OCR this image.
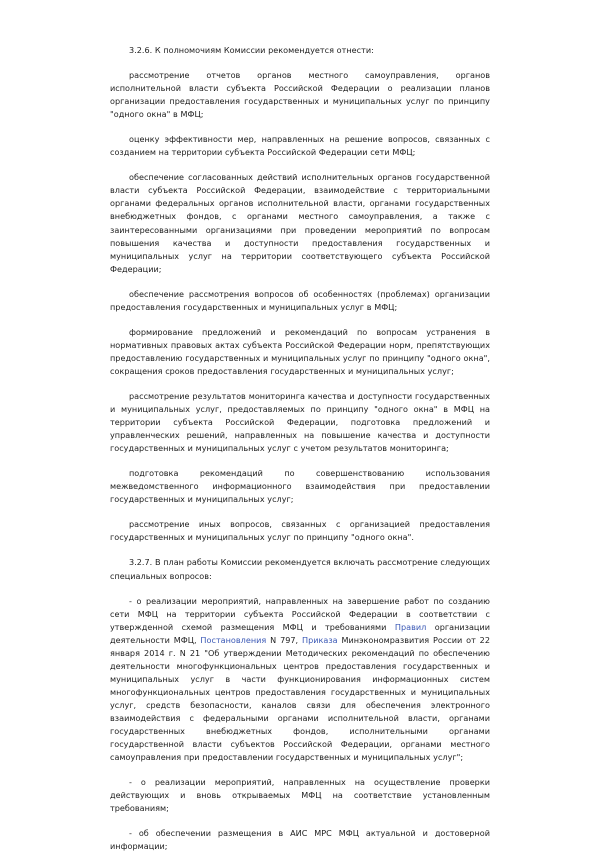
3.2.6. К полномочиям Комиссии рекомендуется отнести:

рассмотрение отчетов органов местного самоуправления, органов исполнительной власти субъекта Российской Федерации о реализации планов организации предоставления государственных и муниципальных услуг по принципу "одного окна" в МФЦ;

оценку эффективности мер, направленных на решение вопросов, связанных с созданием на территории субъекта Российской Федерации сети МФЦ;

обеспечение согласованных действий исполнительных органов государственной власти субъекта Российской Федерации, взаимодействие с территориальными органами федеральных органов исполнительной власти, органами государственных внебюджетных фондов, с органами местного самоуправления, а также с заинтересованными организациями при проведении мероприятий по вопросам повышения качества и доступности предоставления государственных и муниципальных услуг на территории соответствующего субъекта Российской Федерации;

обеспечение рассмотрения вопросов об особенностях (проблемах) организации предоставления государственных и муниципальных услуг в МФЦ;

формирование предложений и рекомендаций по вопросам устранения в нормативных правовых актах субъекта Российской Федерации норм, препятствующих предоставлению государственных и муниципальных услуг по принципу "одного окна", сокращения сроков предоставления государственных и муниципальных услуг;

рассмотрение результатов мониторинга качества и доступности государственных и муниципальных услуг, предоставляемых по принципу "одного окна" в МФЦ на территории субъекта Российской Федерации, подготовка предложений и управленческих решений, направленных на повышение качества и доступности государственных и муниципальных услуг с учетом результатов мониторинга;

подготовка рекомендаций по совершенствованию использования межведомственного информационного взаимодействия при предоставлении государственных и муниципальных услуг;

рассмотрение иных вопросов, связанных с организацией предоставления государственных и муниципальных услуг по принципу "одного окна".

3.2.7. В план работы Комиссии рекомендуется включать рассмотрение следующих специальных вопросов:

- о реализации мероприятий, направленных на завершение работ по созданию сети МФЦ на территории субъекта Российской Федерации в соответствии с утвержденной схемой размещения МФЦ и требованиями Правил организации деятельности МФЦ, Постановления N 797, Приказа Минэкономразвития России от 22 января 2014 г. N 21 "Об утверждении Методических рекомендаций по обеспечению деятельности многофункциональных центров предоставления государственных и муниципальных услуг в части функционирования информационных систем многофункциональных центров предоставления государственных и муниципальных услуг, средств безопасности, каналов связи для обеспечения электронного взаимодействия с федеральными органами исполнительной власти, органами государственных внебюджетных фондов, исполнительными органами государственной власти субъектов Российской Федерации, органами местного самоуправления при предоставлении государственных и муниципальных услуг";

- о реализации мероприятий, направленных на осуществление проверки действующих и вновь открываемых МФЦ на соответствие установленным требованиям;

- об обеспечении размещения в АИС МРС МФЦ актуальной и достоверной информации;
